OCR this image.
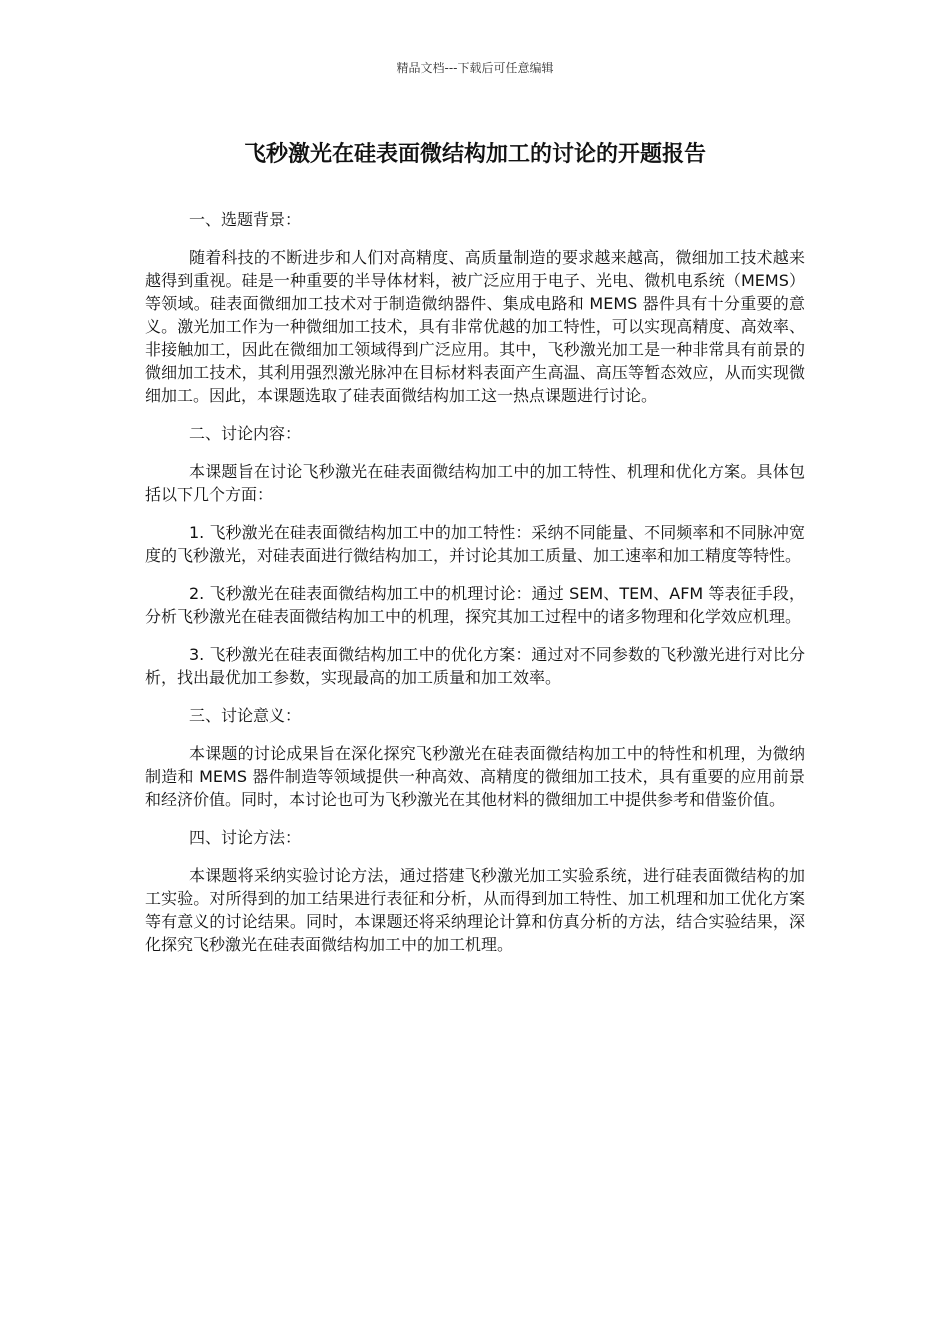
精品文档---下载后可任意编辑
飞秒激光在硅表面微结构加工的讨论的开题报告

一、选题背景：

随着科技的不断进步和人们对高精度、高质量制造的要求越来越高，微细加工技术越来越得到重视。硅是一种重要的半导体材料，被广泛应用于电子、光电、微机电系统（MEMS）等领域。硅表面微细加工技术对于制造微纳器件、集成电路和 MEMS 器件具有十分重要的意义。激光加工作为一种微细加工技术，具有非常优越的加工特性，可以实现高精度、高效率、非接触加工，因此在微细加工领域得到广泛应用。其中，飞秒激光加工是一种非常具有前景的微细加工技术，其利用强烈激光脉冲在目标材料表面产生高温、高压等暂态效应，从而实现微细加工。因此，本课题选取了硅表面微结构加工这一热点课题进行讨论。

二、讨论内容：

本课题旨在讨论飞秒激光在硅表面微结构加工中的加工特性、机理和优化方案。具体包括以下几个方面：

1. 飞秒激光在硅表面微结构加工中的加工特性：采纳不同能量、不同频率和不同脉冲宽度的飞秒激光，对硅表面进行微结构加工，并讨论其加工质量、加工速率和加工精度等特性。

2. 飞秒激光在硅表面微结构加工中的机理讨论：通过 SEM、TEM、AFM 等表征手段，分析飞秒激光在硅表面微结构加工中的机理，探究其加工过程中的诸多物理和化学效应机理。

3. 飞秒激光在硅表面微结构加工中的优化方案：通过对不同参数的飞秒激光进行对比分析，找出最优加工参数，实现最高的加工质量和加工效率。

三、讨论意义：

本课题的讨论成果旨在深化探究飞秒激光在硅表面微结构加工中的特性和机理，为微纳制造和 MEMS 器件制造等领域提供一种高效、高精度的微细加工技术，具有重要的应用前景和经济价值。同时，本讨论也可为飞秒激光在其他材料的微细加工中提供参考和借鉴价值。

四、讨论方法：

本课题将采纳实验讨论方法，通过搭建飞秒激光加工实验系统，进行硅表面微结构的加工实验。对所得到的加工结果进行表征和分析，从而得到加工特性、加工机理和加工优化方案等有意义的讨论结果。同时，本课题还将采纳理论计算和仿真分析的方法，结合实验结果，深化探究飞秒激光在硅表面微结构加工中的加工机理。
